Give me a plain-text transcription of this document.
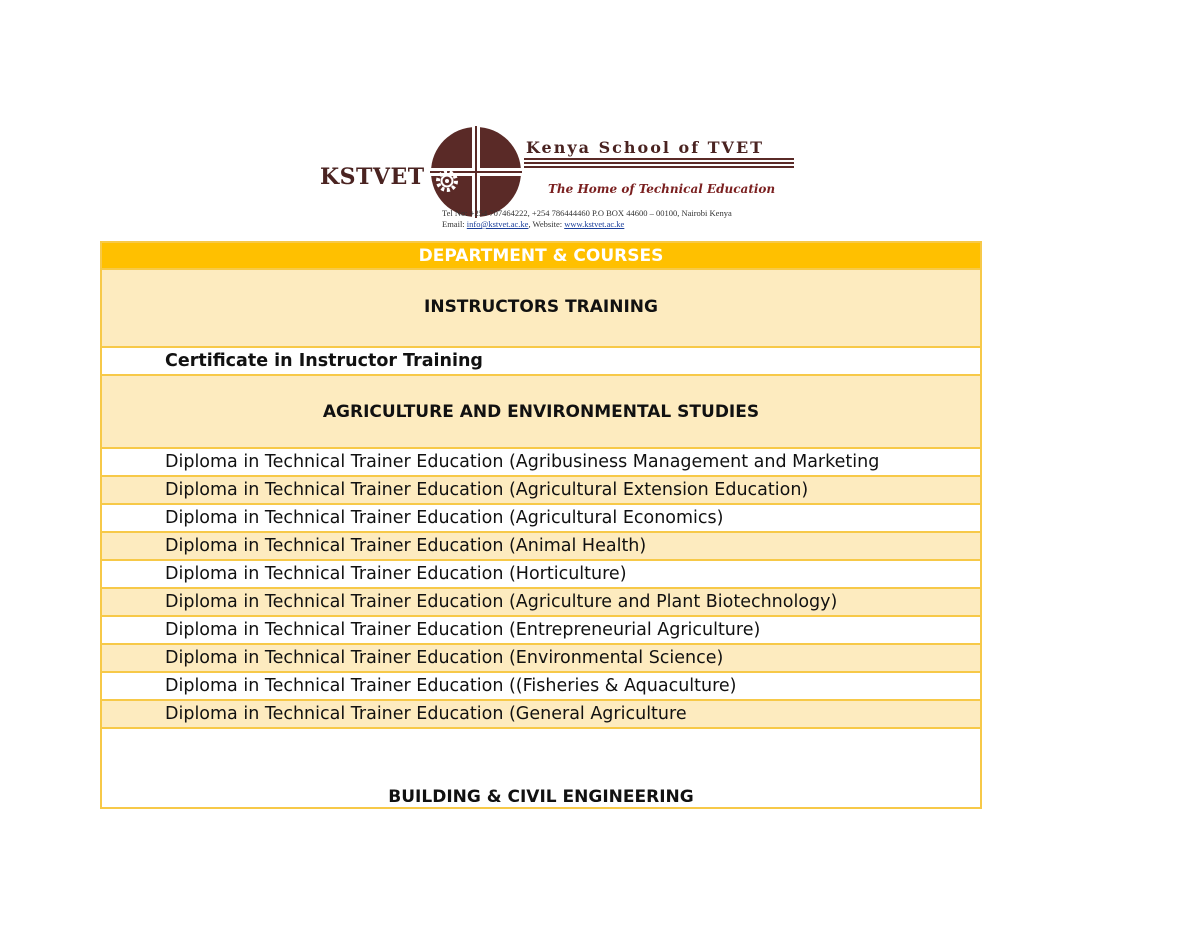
KSTVET
Kenya School of TVET
The Home of Technical Education
Tel No: +254 707464222, +254 786444460 P.O BOX 44600 – 00100, Nairobi Kenya
Email: info@kstvet.ac.ke, Website: www.kstvet.ac.ke
DEPARTMENT & COURSES
INSTRUCTORS TRAINING
Certificate in Instructor Training
AGRICULTURE AND ENVIRONMENTAL STUDIES
Diploma in Technical Trainer Education (Agribusiness Management and Marketing
Diploma in Technical Trainer Education (Agricultural Extension Education)
Diploma in Technical Trainer Education (Agricultural Economics)
Diploma in Technical Trainer Education (Animal Health)
Diploma in Technical Trainer Education (Horticulture)
Diploma in Technical Trainer Education (Agriculture and Plant Biotechnology)
Diploma in Technical Trainer Education (Entrepreneurial Agriculture)
Diploma in Technical Trainer Education (Environmental Science)
Diploma in Technical Trainer Education ((Fisheries & Aquaculture)
Diploma in Technical Trainer Education (General Agriculture
BUILDING & CIVIL ENGINEERING
